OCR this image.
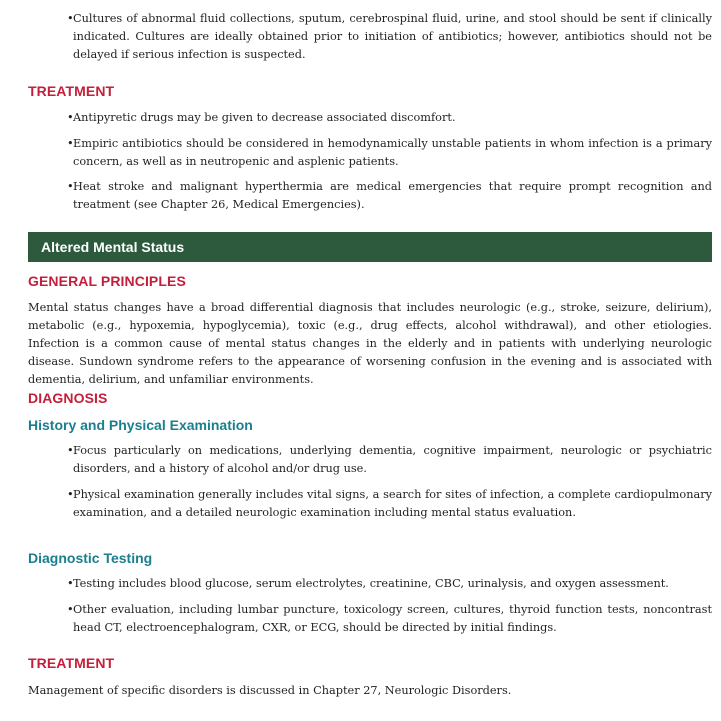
• Cultures of abnormal fluid collections, sputum, cerebrospinal fluid, urine, and stool should be sent if clinically indicated. Cultures are ideally obtained prior to initiation of antibiotics; however, antibiotics should not be delayed if serious infection is suspected.
TREATMENT
• Antipyretic drugs may be given to decrease associated discomfort.
• Empiric antibiotics should be considered in hemodynamically unstable patients in whom infection is a primary concern, as well as in neutropenic and asplenic patients.
• Heat stroke and malignant hyperthermia are medical emergencies that require prompt recognition and treatment (see Chapter 26, Medical Emergencies).
Altered Mental Status
GENERAL PRINCIPLES

Mental status changes have a broad differential diagnosis that includes neurologic (e.g., stroke, seizure, delirium), metabolic (e.g., hypoxemia, hypoglycemia), toxic (e.g., drug effects, alcohol withdrawal), and other etiologies. Infection is a common cause of mental status changes in the elderly and in patients with underlying neurologic disease. Sundown syndrome refers to the appearance of worsening confusion in the evening and is associated with dementia, delirium, and unfamiliar environments.

DIAGNOSIS
History and Physical Examination
• Focus particularly on medications, underlying dementia, cognitive impairment, neurologic or psychiatric disorders, and a history of alcohol and/or drug use.
• Physical examination generally includes vital signs, a search for sites of infection, a complete cardiopulmonary examination, and a detailed neurologic examination including mental status evaluation.
Diagnostic Testing
• Testing includes blood glucose, serum electrolytes, creatinine, CBC, urinalysis, and oxygen assessment.
• Other evaluation, including lumbar puncture, toxicology screen, cultures, thyroid function tests, noncontrast head CT, electroencephalogram, CXR, or ECG, should be directed by initial findings.
TREATMENT

Management of specific disorders is discussed in Chapter 27, Neurologic Disorders.
